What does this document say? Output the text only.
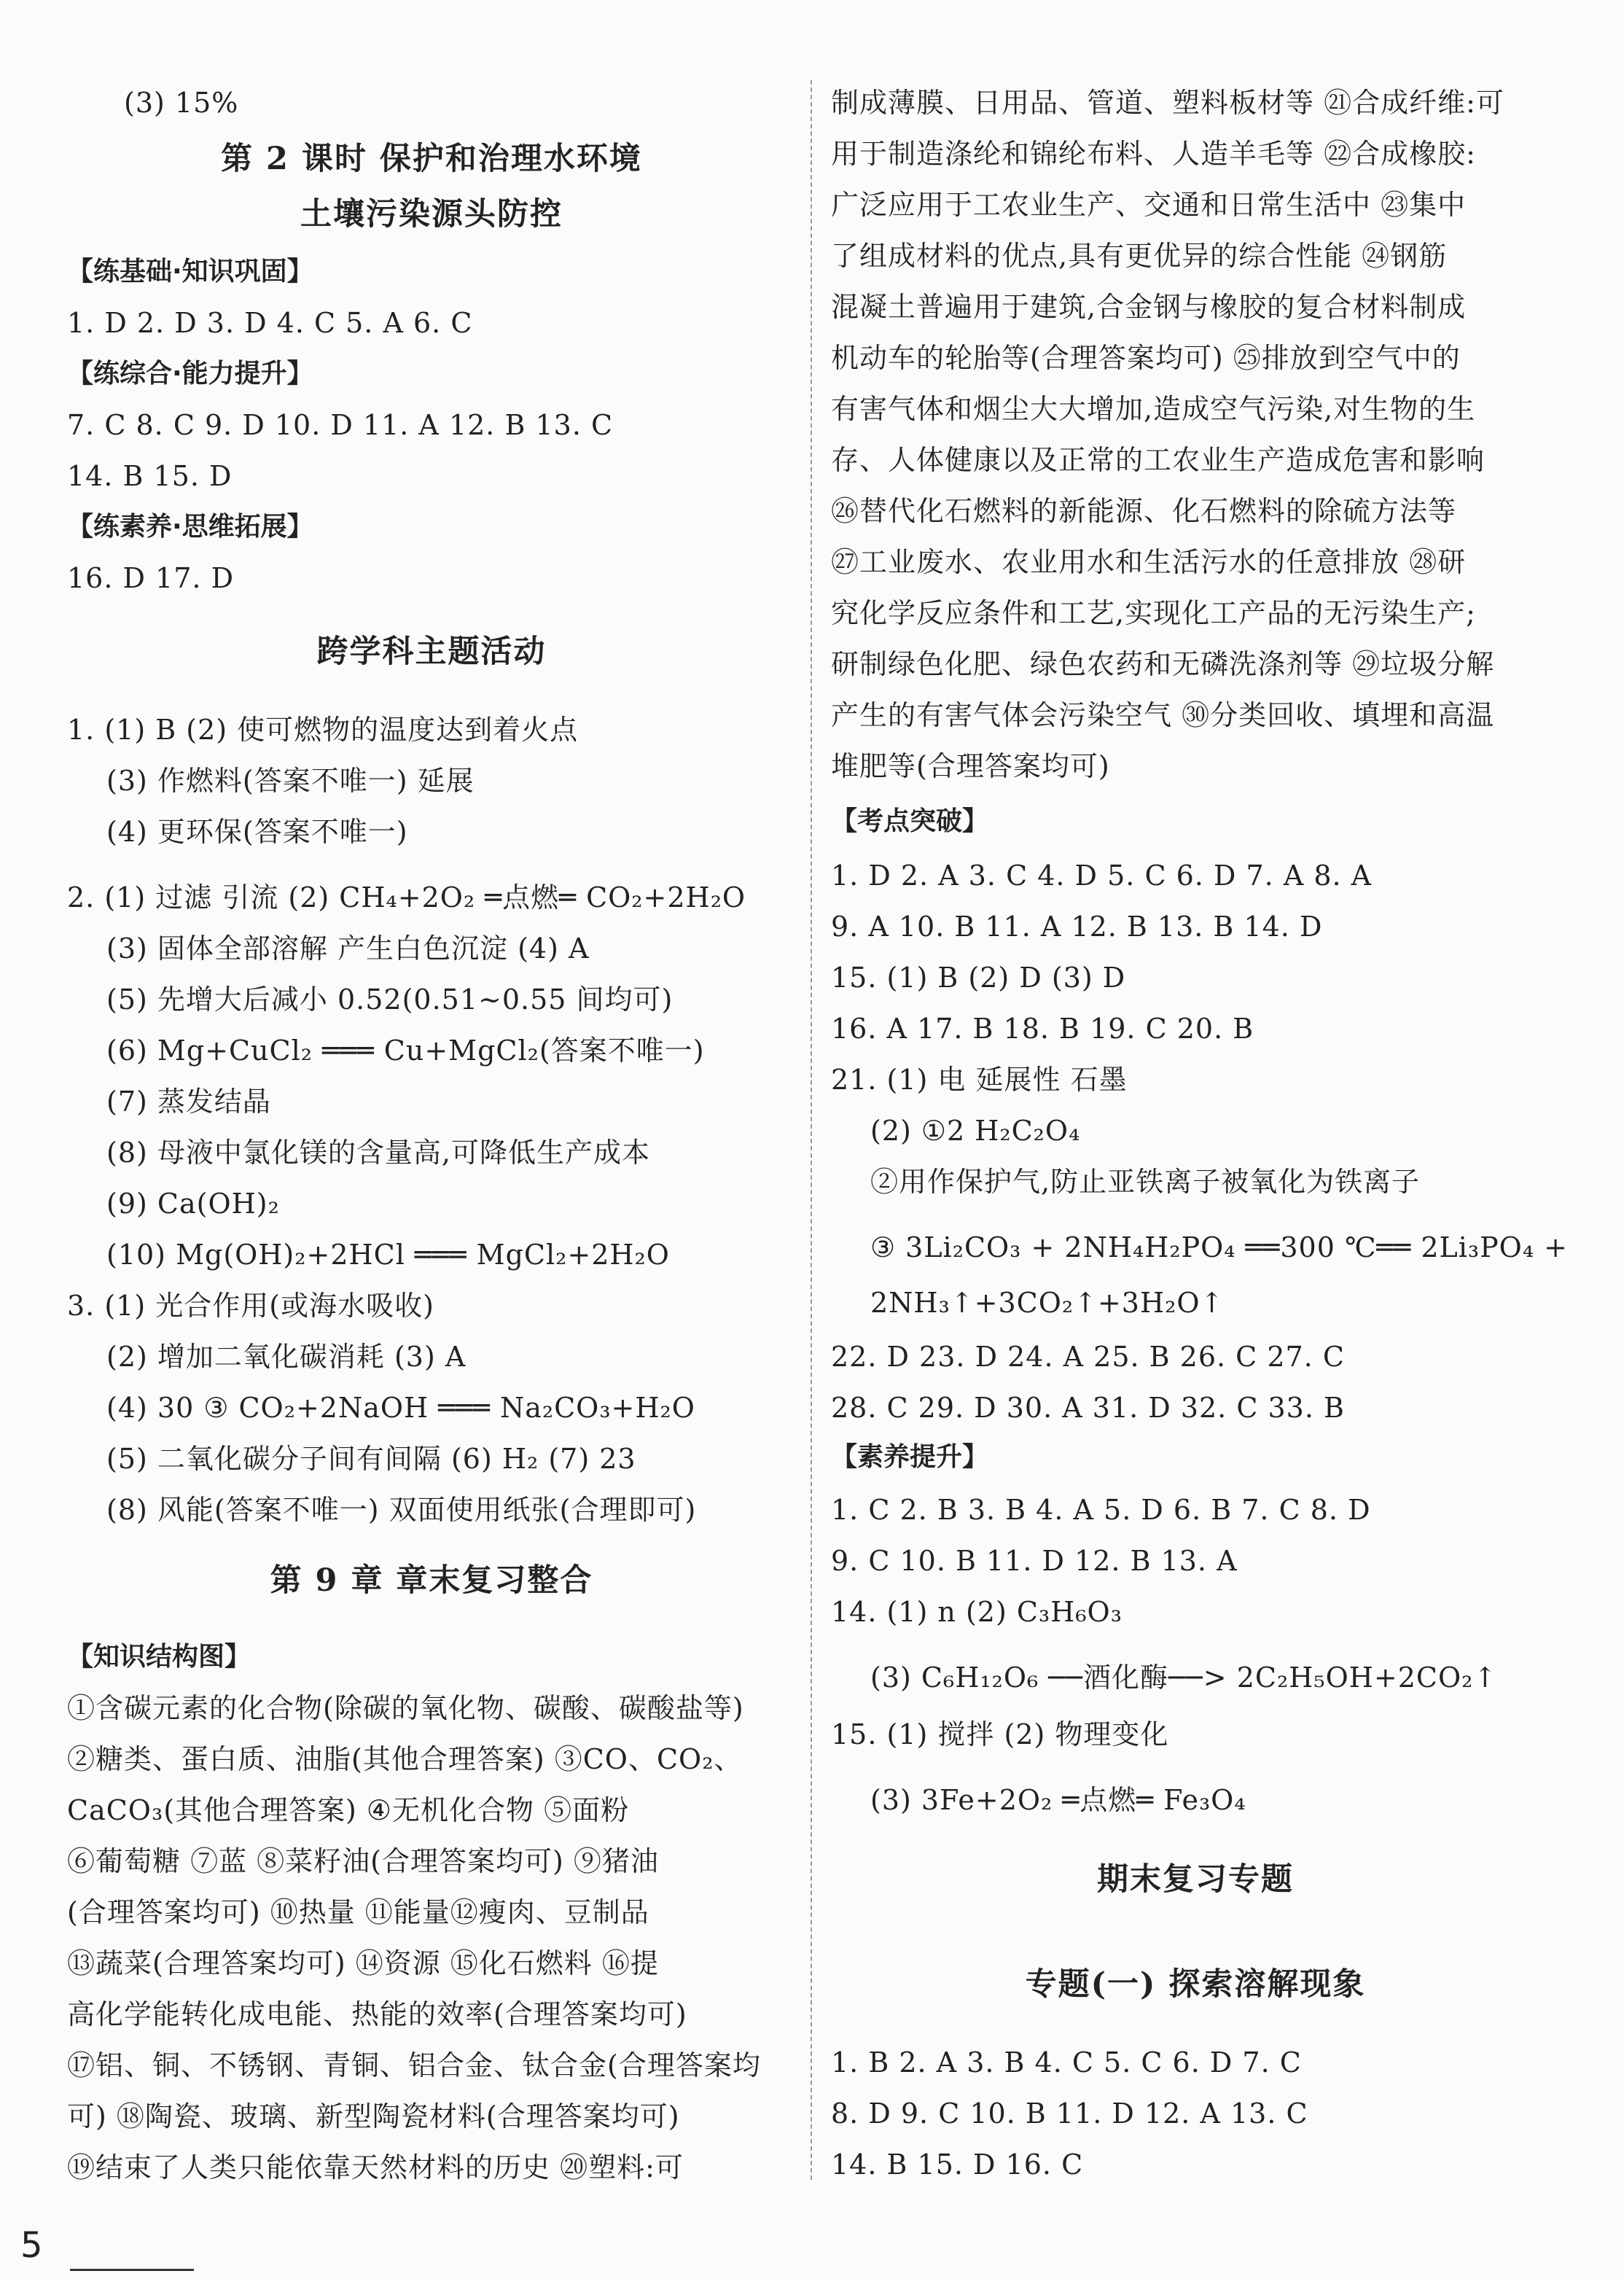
(3) 15%
第 2 课时 保护和治理水环境
土壤污染源头防控
【练基础·知识巩固】
1. D 2. D 3. D 4. C 5. A 6. C
【练综合·能力提升】
7. C 8. C 9. D 10. D 11. A 12. B 13. C
14. B 15. D
【练素养·思维拓展】
16. D 17. D
跨学科主题活动
1. (1) B (2) 使可燃物的温度达到着火点
(3) 作燃料(答案不唯一) 延展
(4) 更环保(答案不唯一)
2. (1) 过滤 引流 (2) CH₄+2O₂ ═点燃═ CO₂+2H₂O
(3) 固体全部溶解 产生白色沉淀 (4) A
(5) 先增大后减小 0.52(0.51~0.55 间均可)
(6) Mg+CuCl₂ ═══ Cu+MgCl₂(答案不唯一)
(7) 蒸发结晶
(8) 母液中氯化镁的含量高,可降低生产成本
(9) Ca(OH)₂
(10) Mg(OH)₂+2HCl ═══ MgCl₂+2H₂O
3. (1) 光合作用(或海水吸收)
(2) 增加二氧化碳消耗 (3) A
(4) 30 ③ CO₂+2NaOH ═══ Na₂CO₃+H₂O
(5) 二氧化碳分子间有间隔 (6) H₂ (7) 23
(8) 风能(答案不唯一) 双面使用纸张(合理即可)
第 9 章 章末复习整合
【知识结构图】
①含碳元素的化合物(除碳的氧化物、碳酸、碳酸盐等)
②糖类、蛋白质、油脂(其他合理答案) ③CO、CO₂、
CaCO₃(其他合理答案) ④无机化合物 ⑤面粉
⑥葡萄糖 ⑦蓝 ⑧菜籽油(合理答案均可) ⑨猪油
(合理答案均可) ⑩热量 ⑪能量⑫瘦肉、豆制品
⑬蔬菜(合理答案均可) ⑭资源 ⑮化石燃料 ⑯提
高化学能转化成电能、热能的效率(合理答案均可)
⑰铝、铜、不锈钢、青铜、铝合金、钛合金(合理答案均
可) ⑱陶瓷、玻璃、新型陶瓷材料(合理答案均可)
⑲结束了人类只能依靠天然材料的历史 ⑳塑料:可
制成薄膜、日用品、管道、塑料板材等 ㉑合成纤维:可
用于制造涤纶和锦纶布料、人造羊毛等 ㉒合成橡胶:
广泛应用于工农业生产、交通和日常生活中 ㉓集中
了组成材料的优点,具有更优异的综合性能 ㉔钢筋
混凝土普遍用于建筑,合金钢与橡胶的复合材料制成
机动车的轮胎等(合理答案均可) ㉕排放到空气中的
有害气体和烟尘大大增加,造成空气污染,对生物的生
存、人体健康以及正常的工农业生产造成危害和影响
㉖替代化石燃料的新能源、化石燃料的除硫方法等
㉗工业废水、农业用水和生活污水的任意排放 ㉘研
究化学反应条件和工艺,实现化工产品的无污染生产;
研制绿色化肥、绿色农药和无磷洗涤剂等 ㉙垃圾分解
产生的有害气体会污染空气 ㉚分类回收、填埋和高温
堆肥等(合理答案均可)
【考点突破】
1. D 2. A 3. C 4. D 5. C 6. D 7. A 8. A
9. A 10. B 11. A 12. B 13. B 14. D
15. (1) B (2) D (3) D
16. A 17. B 18. B 19. C 20. B
21. (1) 电 延展性 石墨
(2) ①2 H₂C₂O₄
②用作保护气,防止亚铁离子被氧化为铁离子
③ 3Li₂CO₃ + 2NH₄H₂PO₄ ══300 ℃══ 2Li₃PO₄ +
2NH₃↑+3CO₂↑+3H₂O↑
22. D 23. D 24. A 25. B 26. C 27. C
28. C 29. D 30. A 31. D 32. C 33. B
【素养提升】
1. C 2. B 3. B 4. A 5. D 6. B 7. C 8. D
9. C 10. B 11. D 12. B 13. A
14. (1) n (2) C₃H₆O₃
(3) C₆H₁₂O₆ ──酒化酶──> 2C₂H₅OH+2CO₂↑
15. (1) 搅拌 (2) 物理变化
(3) 3Fe+2O₂ ═点燃═ Fe₃O₄
期末复习专题
专题(一) 探索溶解现象
1. B 2. A 3. B 4. C 5. C 6. D 7. C
8. D 9. C 10. B 11. D 12. A 13. C
14. B 15. D 16. C
5
